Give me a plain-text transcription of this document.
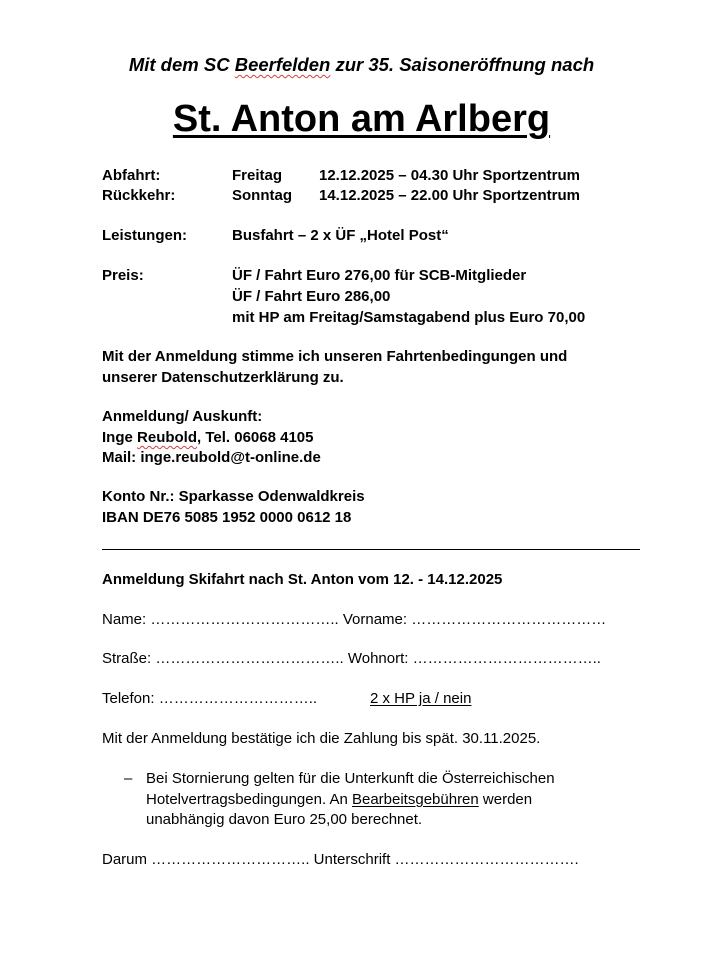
Mit dem SC Beerfelden zur 35. Saisoneröffnung nach
St. Anton am Arlberg
Abfahrt:	Freitag 12.12.2025 – 04.30 Uhr Sportzentrum
Rückkehr:	Sonntag 14.12.2025 – 22.00 Uhr Sportzentrum
Leistungen:	Busfahrt – 2 x ÜF „Hotel Post“
Preis:	ÜF / Fahrt Euro 276,00 für SCB-Mitglieder
ÜF / Fahrt Euro 286,00
mit HP am Freitag/Samstagabend plus Euro 70,00
Mit der Anmeldung stimme ich unseren Fahrtenbedingungen und
unserer Datenschutzerklärung zu.
Anmeldung/ Auskunft:
Inge Reubold, Tel. 06068 4105
Mail: inge.reubold@t-online.de
Konto Nr.: Sparkasse Odenwaldkreis
IBAN DE76 5085 1952 0000 0612 18
Anmeldung Skifahrt nach St. Anton vom 12. - 14.12.2025
Name: ……………………………….. Vorname: …………………………………
Straße: ……………………………….. Wohnort: ………………………………..
Telefon: …………………………..	2 x HP ja / nein
Mit der Anmeldung bestätige ich die Zahlung bis spät. 30.11.2025.
– Bei Stornierung gelten für die Unterkunft die Österreichischen
Hotelvertragsbedingungen. An Bearbeitsgebühren werden
unabhängig davon Euro 25,00 berechnet.
Darum ………………………….. Unterschrift ……………………………….
